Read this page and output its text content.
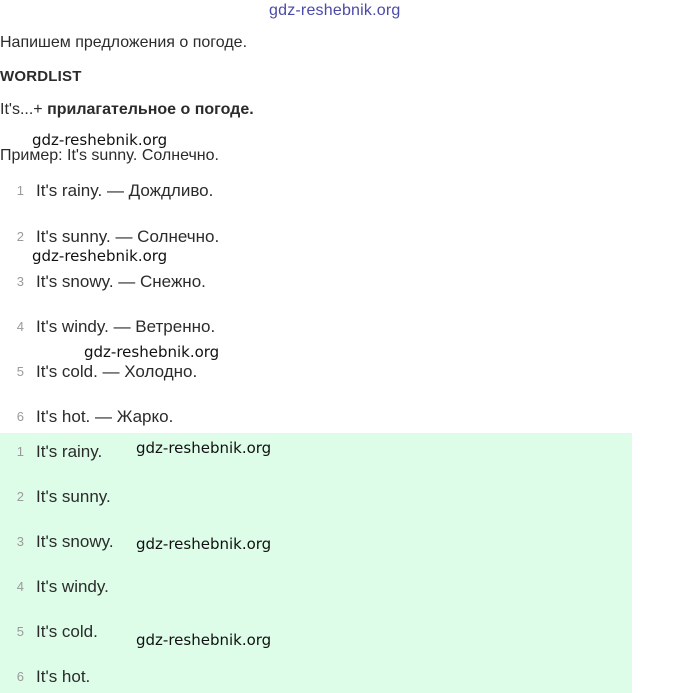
gdz-reshebnik.org
Напишем предложения о погоде.
WORDLIST
It's...+ прилагательное о погоде.
Пример: It's sunny. Солнечно.
1 It's rainy. — Дождливо.
2 It's sunny. — Солнечно.
3 It's snowy. — Снежно.
4 It's windy. — Ветренно.
5 It's cold. — Холодно.
6 It's hot. — Жарко.
1 It's rainy.
2 It's sunny.
3 It's snowy.
4 It's windy.
5 It's cold.
6 It's hot.
gdz-reshebnik.org
gdz-reshebnik.org
gdz-reshebnik.org
gdz-reshebnik.org
gdz-reshebnik.org
gdz-reshebnik.org
